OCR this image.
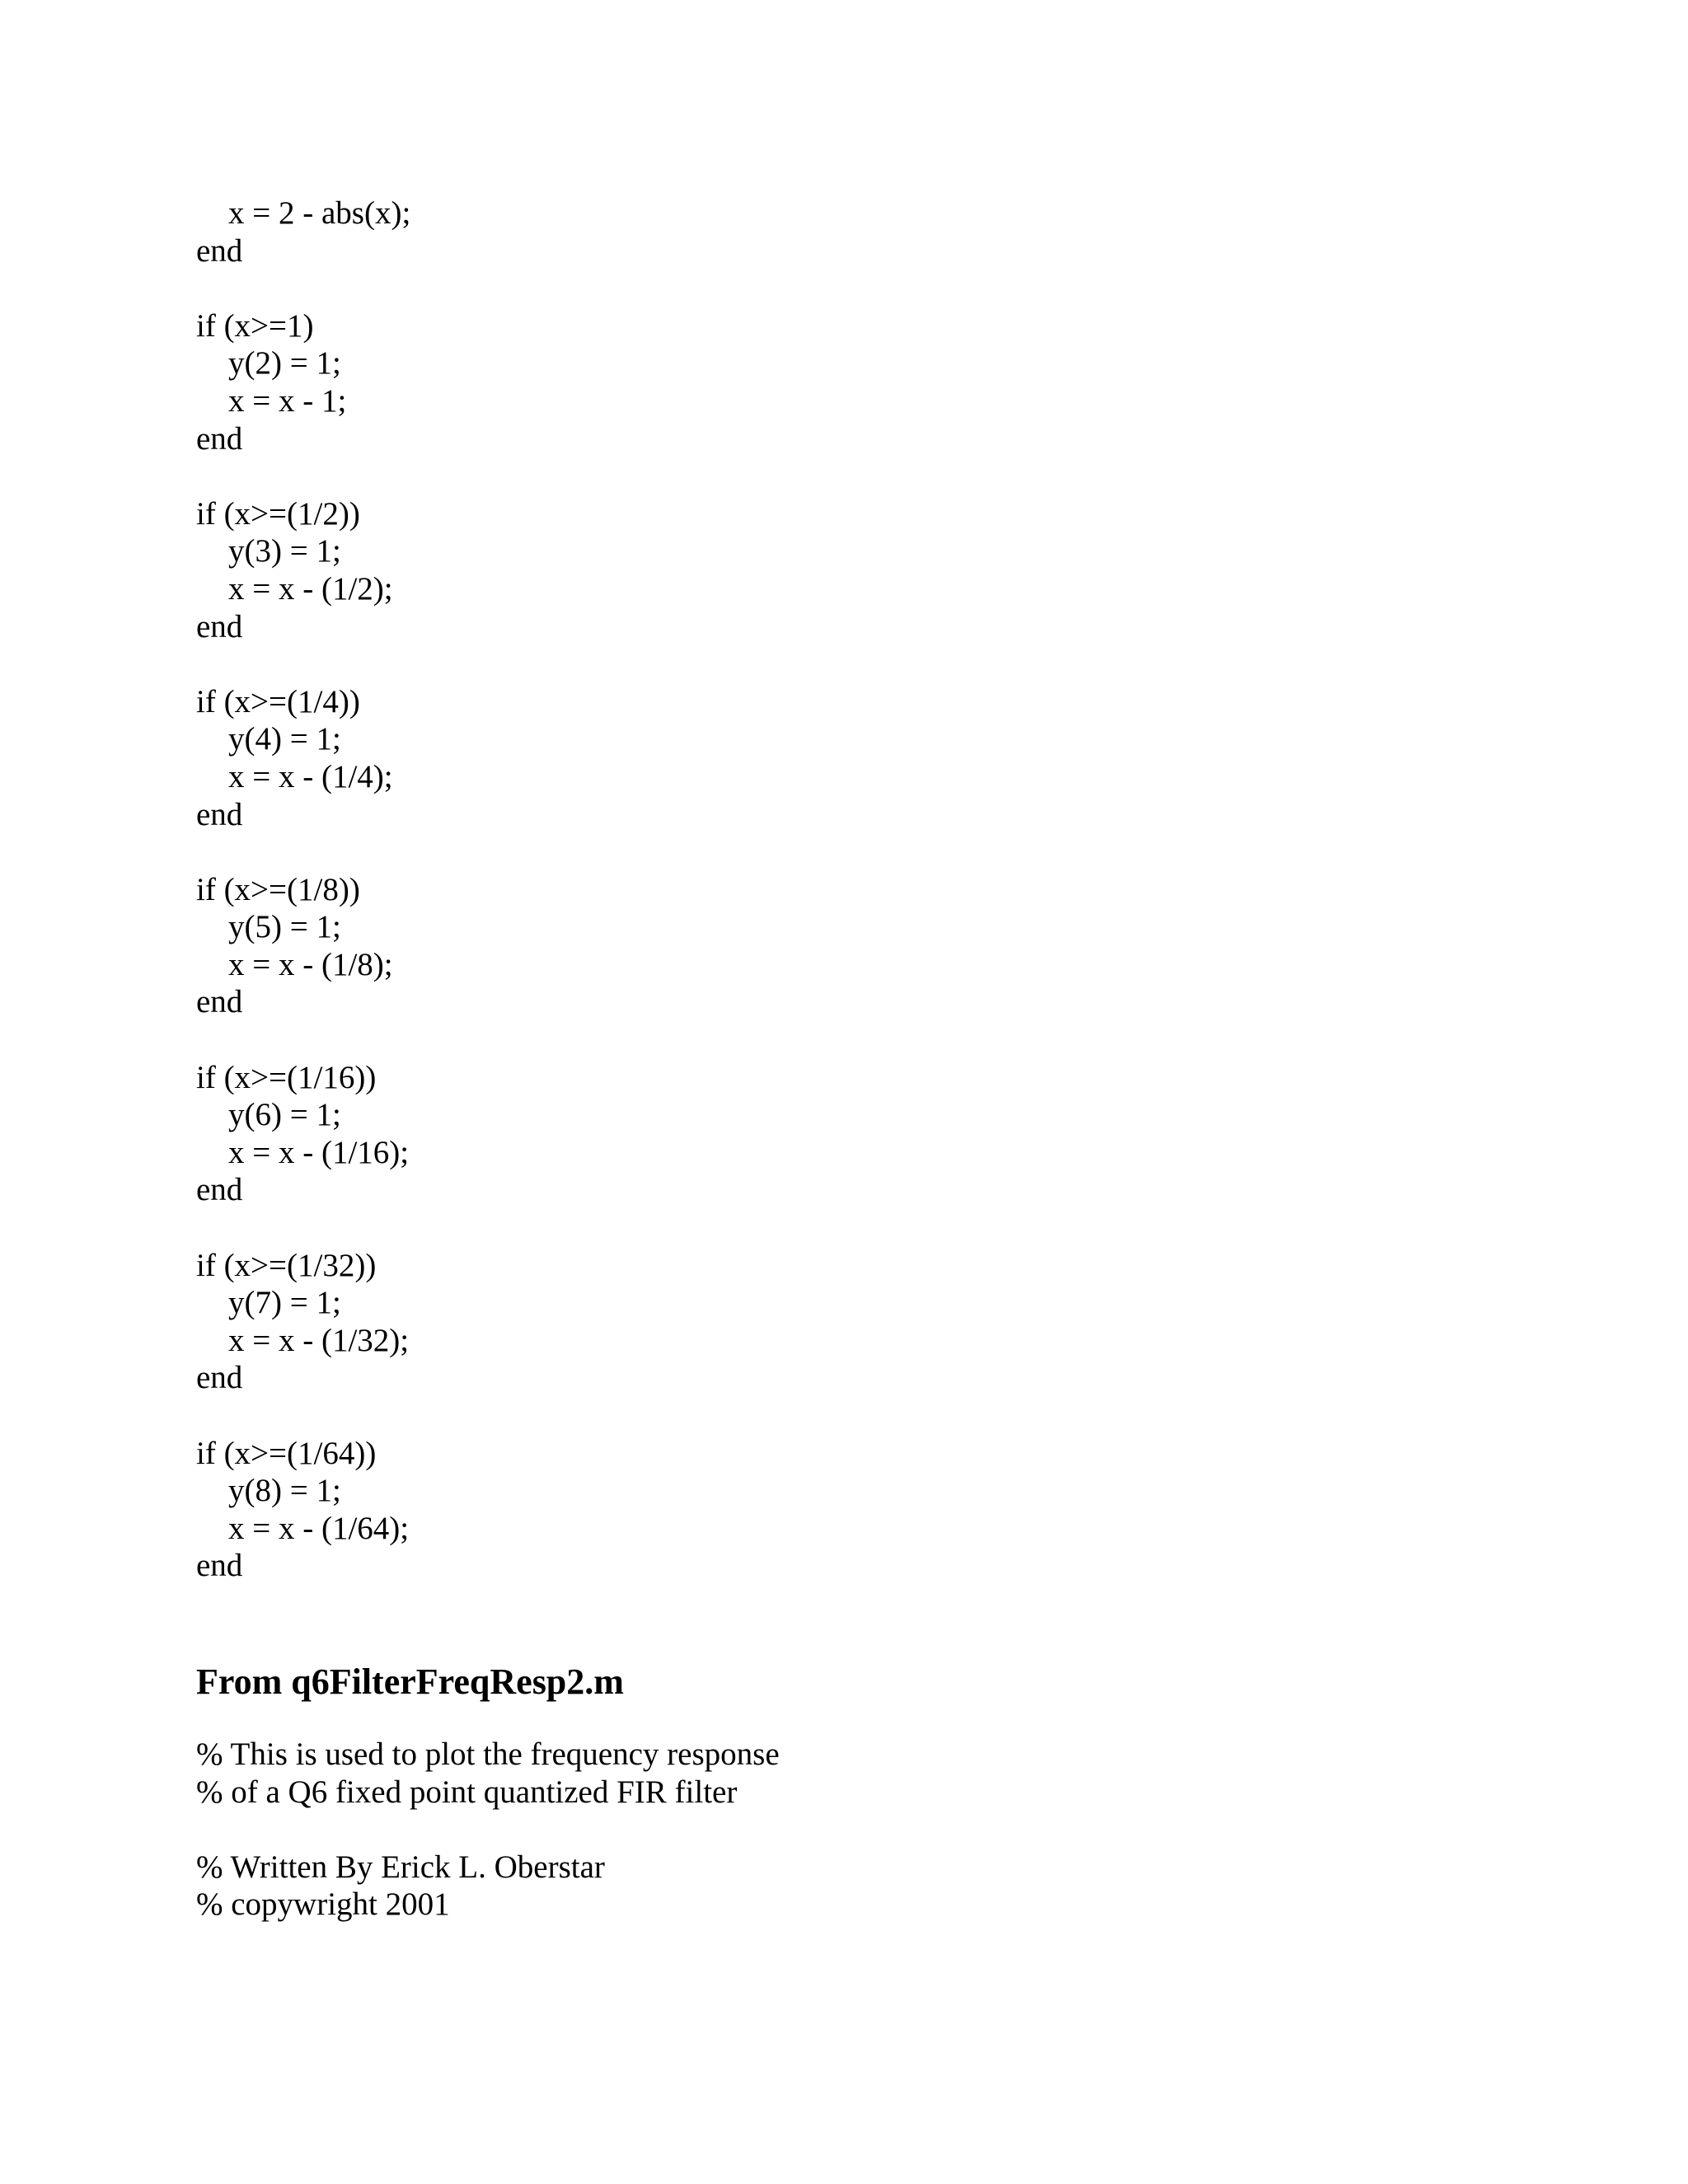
x = 2 - abs(x);
end
if (x>=1)
y(2) = 1;
x = x - 1;
end
if (x>=(1/2))
y(3) = 1;
x = x - (1/2);
end
if (x>=(1/4))
y(4) = 1;
x = x - (1/4);
end
if (x>=(1/8))
y(5) = 1;
x = x - (1/8);
end
if (x>=(1/16))
y(6) = 1;
x = x - (1/16);
end
if (x>=(1/32))
y(7) = 1;
x = x - (1/32);
end
if (x>=(1/64))
y(8) = 1;
x = x - (1/64);
end
From q6FilterFreqResp2.m
% This is used to plot the frequency response
% of a Q6 fixed point quantized FIR filter
% Written By Erick L. Oberstar
% copywright 2001
